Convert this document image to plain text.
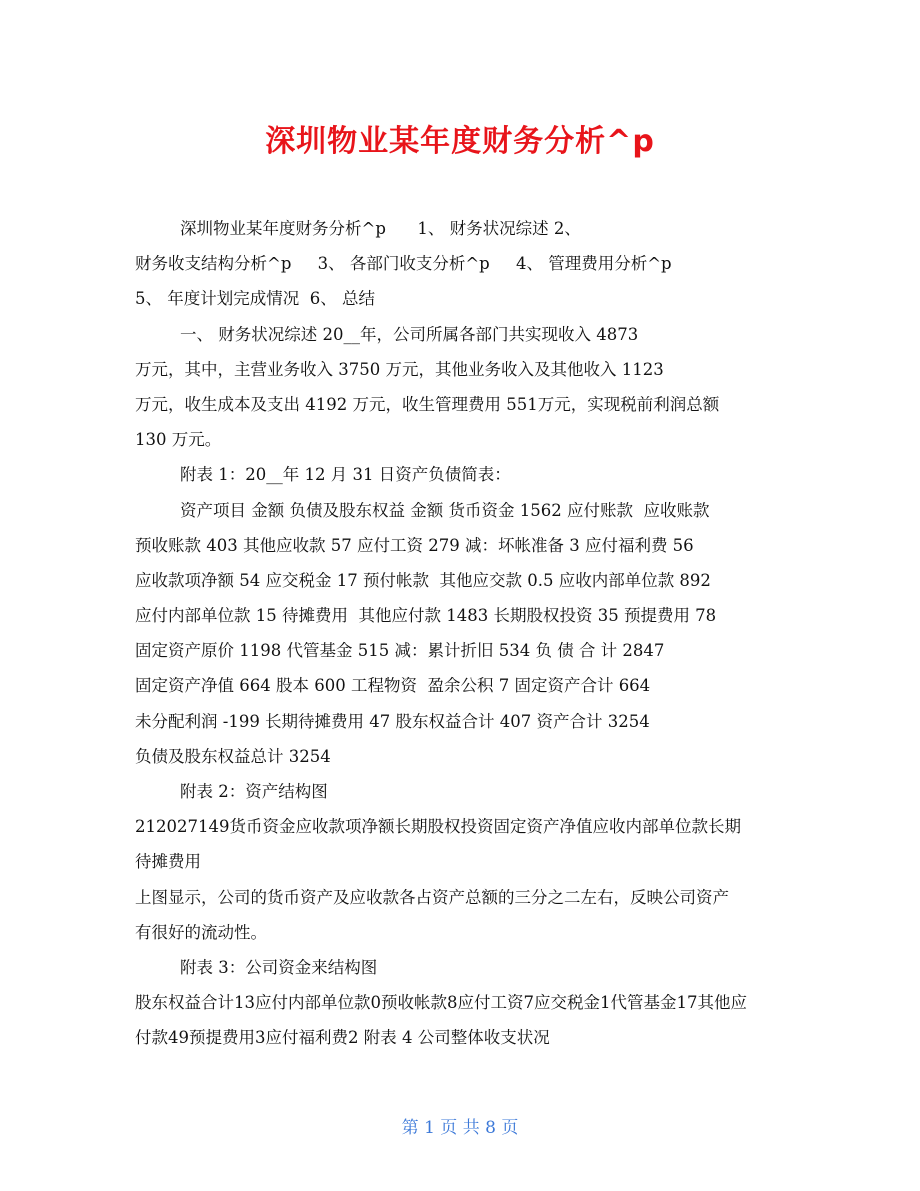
深圳物业某年度财务分析^p
深圳物业某年度财务分析^p      1、 财务状况综述 2、
财务收支结构分析^p     3、 各部门收支分析^p     4、 管理费用分析^p
5、 年度计划完成情况  6、 总结
一、 财务状况综述 20__年，公司所属各部门共实现收入 4873
万元，其中，主营业务收入 3750 万元，其他业务收入及其他收入 1123
万元，收生成本及支出 4192 万元，收生管理费用 551万元，实现税前利润总额
130 万元。
附表 1：20__年 12 月 31 日资产负债简表：
资产项目 金额 负债及股东权益 金额 货币资金 1562 应付账款  应收账款
预收账款 403 其他应收款 57 应付工资 279 减：坏帐准备 3 应付福利费 56
应收款项净额 54 应交税金 17 预付帐款  其他应交款 0.5 应收内部单位款 892
应付内部单位款 15 待摊费用  其他应付款 1483 长期股权投资 35 预提费用 78
固定资产原价 1198 代管基金 515 减：累计折旧 534 负 债 合 计 2847
固定资产净值 664 股本 600 工程物资  盈余公积 7 固定资产合计 664
未分配利润 -199 长期待摊费用 47 股东权益合计 407 资产合计 3254
负债及股东权益总计 3254
附表 2：资产结构图
212027149货币资金应收款项净额长期股权投资固定资产净值应收内部单位款长期
待摊费用
上图显示，公司的货币资产及应收款各占资产总额的三分之二左右，反映公司资产
有很好的流动性。
附表 3：公司资金来结构图
股东权益合计13应付内部单位款0预收帐款8应付工资7应交税金1代管基金17其他应
付款49预提费用3应付福利费2 附表 4 公司整体收支状况
第 1 页 共 8 页
